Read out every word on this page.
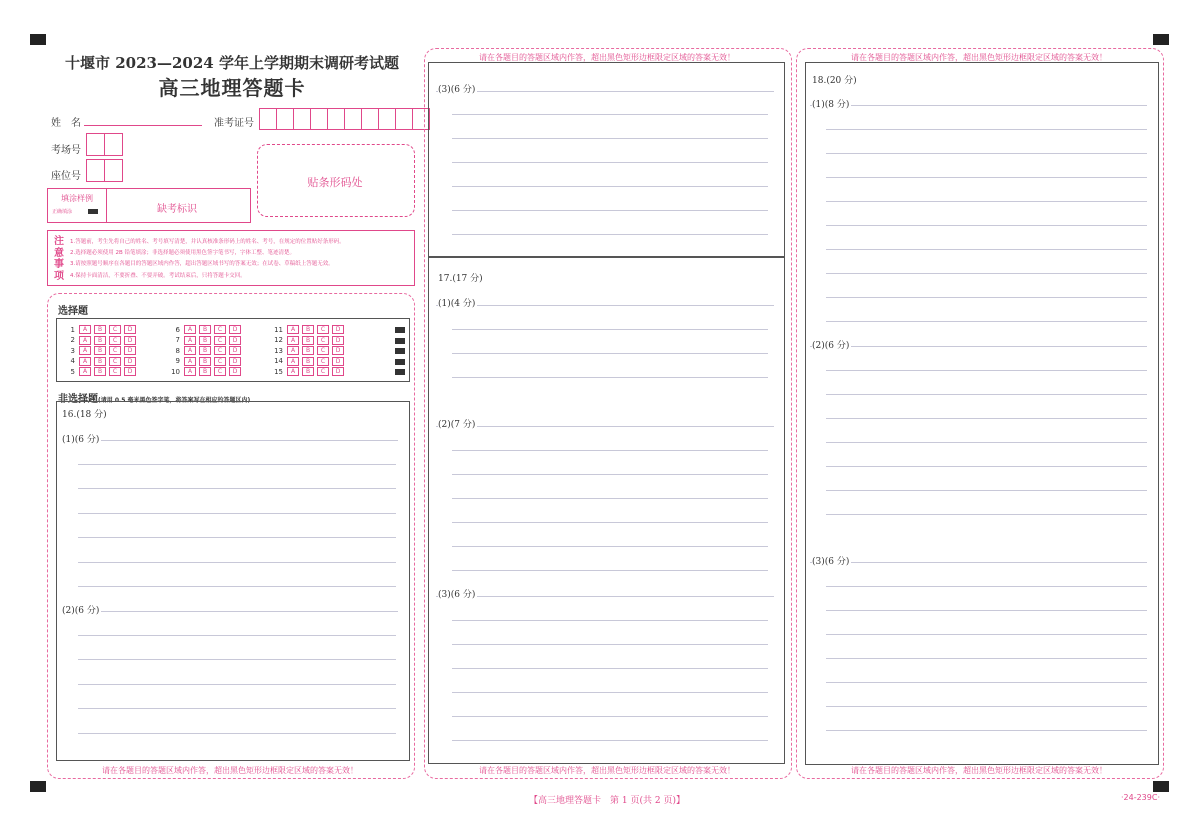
十堰市 2023—2024 学年上学期期末调研考试题
高三地理答题卡
姓　名	准考证号
考场号
座位号
填涂样例
正确填涂	缺考标识
贴条形码处
注
意
事
项
1.答题前，考生先将自己的姓名、考号填写清楚，并认真核准条形码上的姓名、考号，在规定的位置贴好条形码。
2.选择题必须使用 2B 铅笔填涂；非选择题必须使用黑色签字笔书写，字体工整、笔迹清楚。
3.请按照题号顺序在各题目的答题区域内作答，超出答题区域书写的答案无效；在试卷、草稿纸上答题无效。
4.保持卡面清洁，不要折叠、不要弄破。考试结束后，只将答题卡交回。
选择题
1	A	B	C	D
2	A	B	C	D
3	A	B	C	D
4	A	B	C	D
5	A	B	C	D
6	A	B	C	D
7	A	B	C	D
8	A	B	C	D
9	A	B	C	D
10	A	B	C	D
11	A	B	C	D
12	A	B	C	D
13	A	B	C	D
14	A	B	C	D
15	A	B	C	D
非选择题(请用 0.5 毫米黑色签字笔，将答案写在相应的答题区内)
16.(18 分)
(1)(6 分)
(2)(6 分)
请在各题目的答题区域内作答，超出黑色矩形边框限定区域的答案无效！
请在各题目的答题区域内作答，超出黑色矩形边框限定区域的答案无效！
(3)(6 分)
17.(17 分)
(1)(4 分)
(2)(7 分)
(3)(6 分)
请在各题目的答题区域内作答，超出黑色矩形边框限定区域的答案无效！
请在各题目的答题区域内作答，超出黑色矩形边框限定区域的答案无效！
18.(20 分)
(1)(8 分)
(2)(6 分)
(3)(6 分)
请在各题目的答题区域内作答，超出黑色矩形边框限定区域的答案无效！
【高三地理答题卡　第 1 页(共 2 页)】	·24-239C·
